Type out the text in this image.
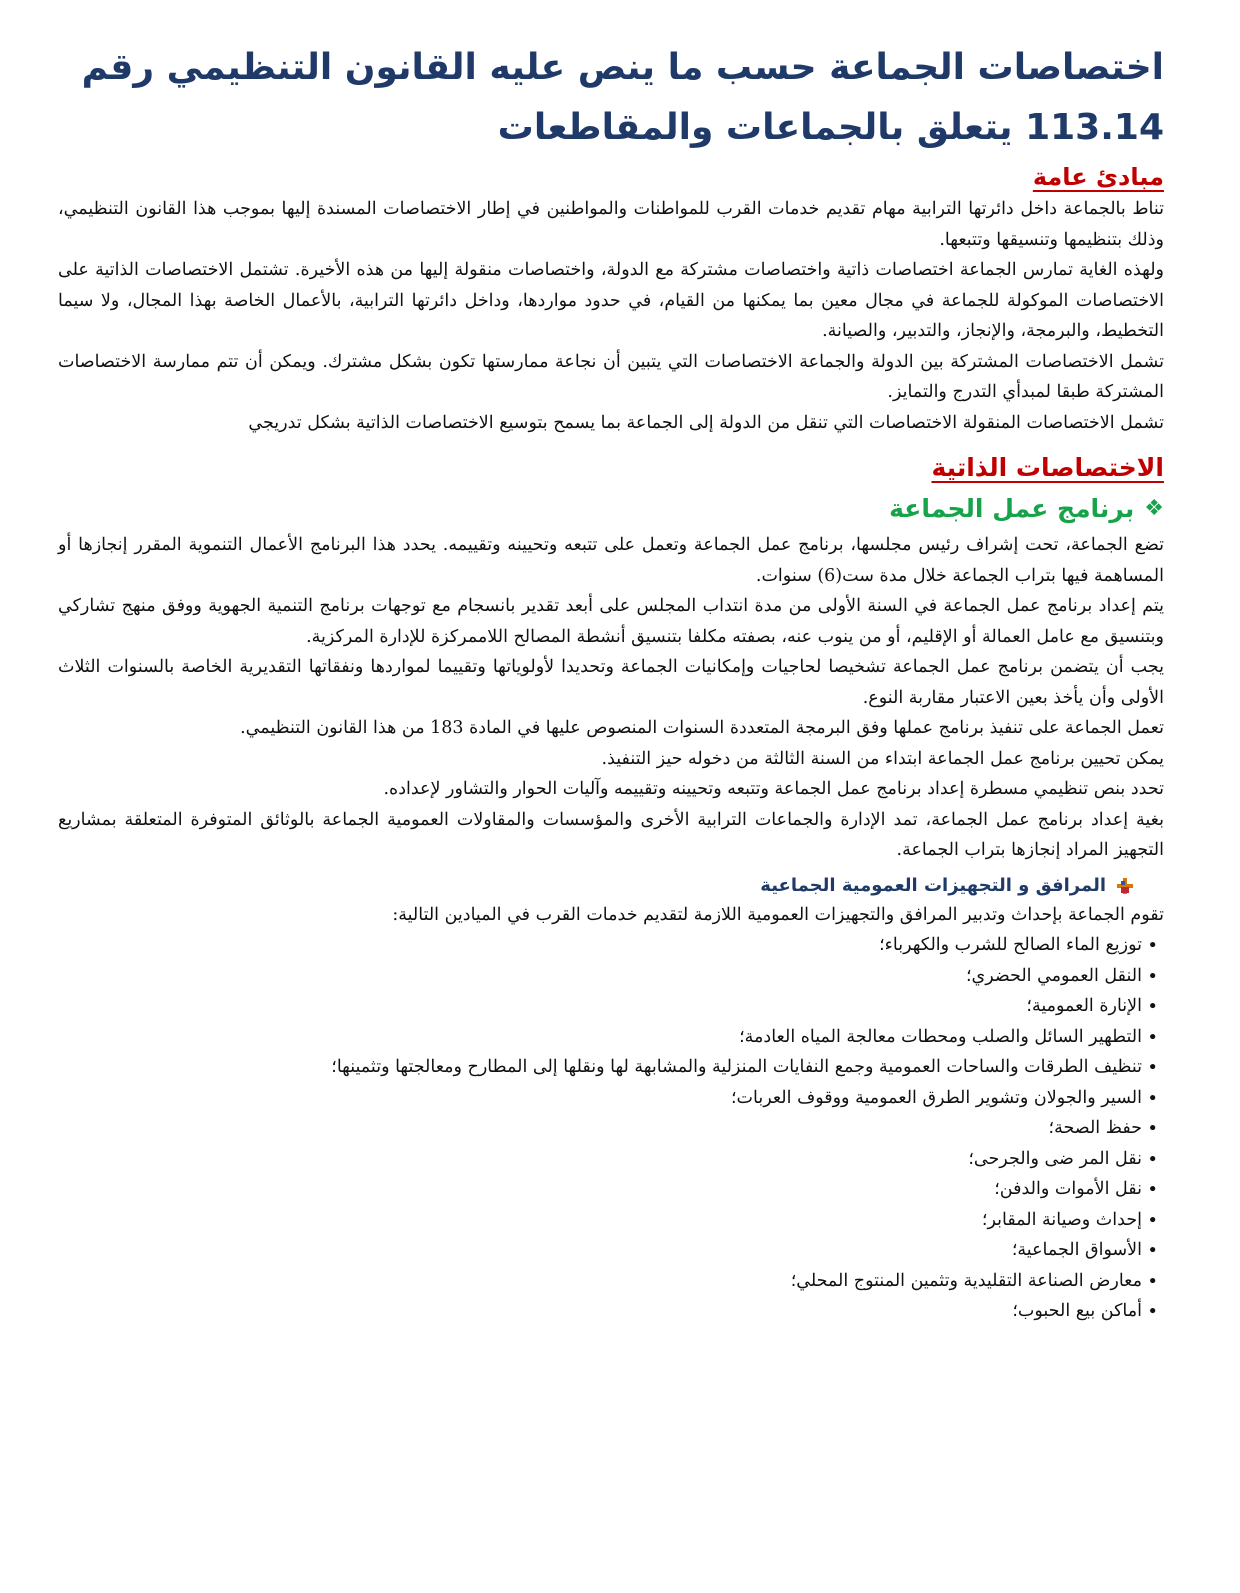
اختصاصات الجماعة حسب ما ينص عليه القانون التنظيمي رقم
113.14 يتعلق بالجماعات والمقاطعات
مبادئ عامة

تناط بالجماعة داخل دائرتها الترابية مهام تقديم خدمات القرب للمواطنات والمواطنين في إطار الاختصاصات المسندة إليها بموجب هذا القانون التنظيمي، وذلك بتنظيمها وتنسيقها وتتبعها.

ولهذه الغاية تمارس الجماعة اختصاصات ذاتية واختصاصات مشتركة مع الدولة، واختصاصات منقولة إليها من هذه الأخيرة. تشتمل الاختصاصات الذاتية على الاختصاصات الموكولة للجماعة في مجال معين بما يمكنها من القيام، في حدود مواردها، وداخل دائرتها الترابية، بالأعمال الخاصة بهذا المجال، ولا سيما التخطيط، والبرمجة، والإنجاز، والتدبير، والصيانة.

تشمل الاختصاصات المشتركة بين الدولة والجماعة الاختصاصات التي يتبين أن نجاعة ممارستها تكون بشكل مشترك. ويمكن أن تتم ممارسة الاختصاصات المشتركة طبقا لمبدأي التدرج والتمايز.

تشمل الاختصاصات المنقولة الاختصاصات التي تنقل من الدولة إلى الجماعة بما يسمح بتوسيع الاختصاصات الذاتية بشكل تدريجي

الاختصاصات الذاتية
❖
برنامج عمل الجماعة

تضع الجماعة، تحت إشراف رئيس مجلسها، برنامج عمل الجماعة وتعمل على تتبعه وتحيينه وتقييمه. يحدد هذا البرنامج الأعمال التنموية المقرر إنجازها أو المساهمة فيها بتراب الجماعة خلال مدة ست(6) سنوات.

يتم إعداد برنامج عمل الجماعة في السنة الأولى من مدة انتداب المجلس على أبعد تقدير بانسجام مع توجهات برنامج التنمية الجهوية ووفق منهج تشاركي وبتنسيق مع عامل العمالة أو الإقليم، أو من ينوب عنه، بصفته مكلفا بتنسيق أنشطة المصالح اللاممركزة للإدارة المركزية.

يجب أن يتضمن برنامج عمل الجماعة تشخيصا لحاجيات وإمكانيات الجماعة وتحديدا لأولوياتها وتقييما لمواردها ونفقاتها التقديرية الخاصة بالسنوات الثلاث الأولى وأن يأخذ بعين الاعتبار مقاربة النوع.

تعمل الجماعة على تنفيذ برنامج عملها وفق البرمجة المتعددة السنوات المنصوص عليها في المادة 183 من هذا القانون التنظيمي.

يمكن تحيين برنامج عمل الجماعة ابتداء من السنة الثالثة من دخوله حيز التنفيذ.

تحدد بنص تنظيمي مسطرة إعداد برنامج عمل الجماعة وتتبعه وتحيينه وتقييمه وآليات الحوار والتشاور لإعداده.

بغية إعداد برنامج عمل الجماعة، تمد الإدارة والجماعات الترابية الأخرى والمؤسسات والمقاولات العمومية الجماعة بالوثائق المتوفرة المتعلقة بمشاريع التجهيز المراد إنجازها بتراب الجماعة.

المرافق و التجهيزات العمومية الجماعية

تقوم الجماعة بإحداث وتدبير المرافق والتجهيزات العمومية اللازمة لتقديم خدمات القرب في الميادين التالية:

•
توزيع الماء الصالح للشرب والكهرباء؛
•
النقل العمومي الحضري؛
•
الإنارة العمومية؛
•
التطهير السائل والصلب ومحطات معالجة المياه العادمة؛
•
تنظيف الطرقات والساحات العمومية وجمع النفايات المنزلية والمشابهة لها ونقلها إلى المطارح ومعالجتها وتثمينها؛
•
السير والجولان وتشوير الطرق العمومية ووقوف العربات؛
•
حفظ الصحة؛
•
نقل المر ضى والجرحى؛
•
نقل الأموات والدفن؛
•
إحداث وصيانة المقابر؛
•
الأسواق الجماعية؛
•
معارض الصناعة التقليدية وتثمين المنتوج المحلي؛
•
أماكن بيع الحبوب؛
